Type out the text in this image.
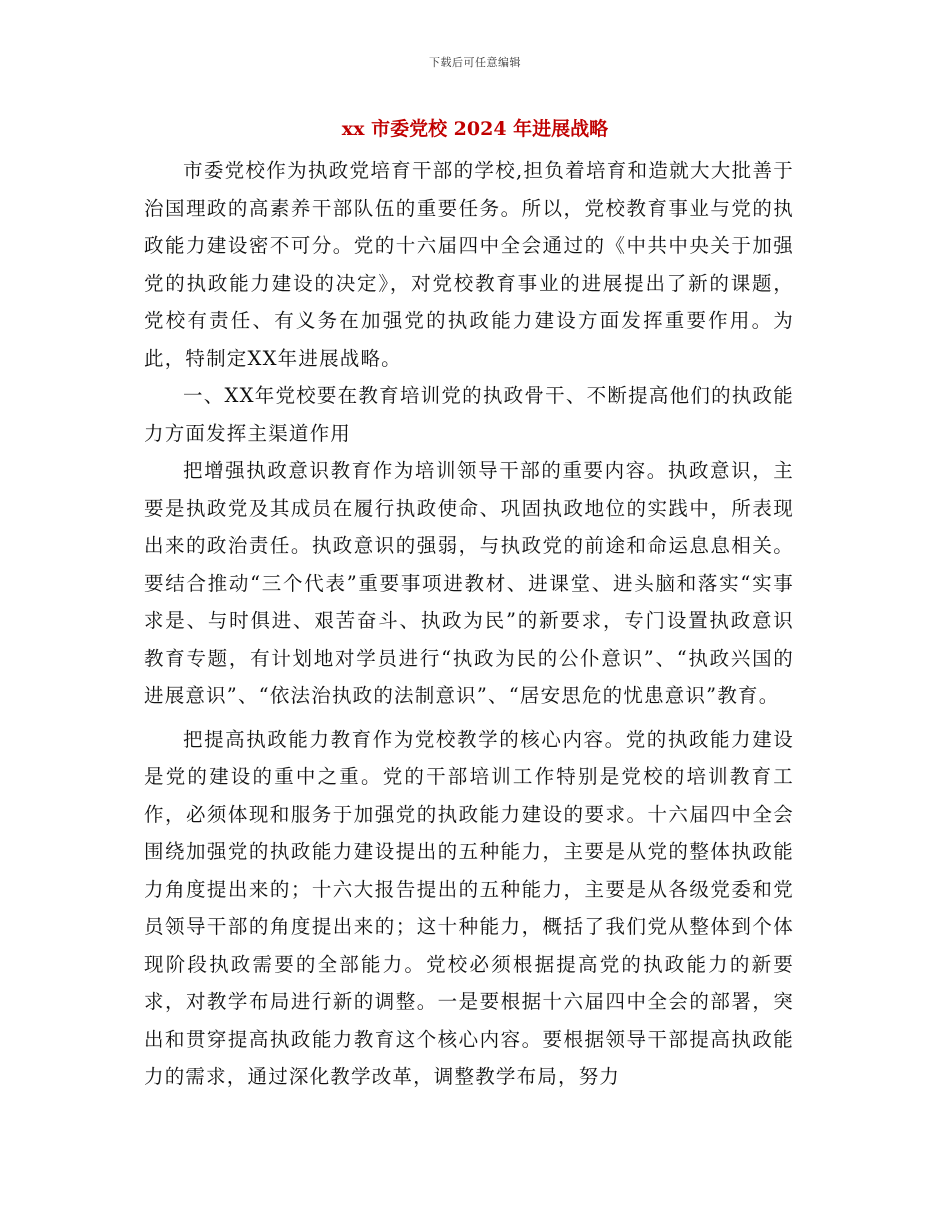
下载后可任意编辑
xx 市委党校 2024 年进展战略

市委党校作为执政党培育干部的学校,担负着培育和造就大大批善于治国理政的高素养干部队伍的重要任务。所以，党校教育事业与党的执政能力建设密不可分。党的十六届四中全会通过的《中共中央关于加强党的执政能力建设的决定》，对党校教育事业的进展提出了新的课题，党校有责任、有义务在加强党的执政能力建设方面发挥重要作用。为此，特制定XX年进展战略。

一、XX年党校要在教育培训党的执政骨干、不断提高他们的执政能力方面发挥主渠道作用

把增强执政意识教育作为培训领导干部的重要内容。执政意识，主要是执政党及其成员在履行执政使命、巩固执政地位的实践中，所表现出来的政治责任。执政意识的强弱，与执政党的前途和命运息息相关。要结合推动“三个代表”重要事项进教材、进课堂、进头脑和落实“实事求是、与时俱进、艰苦奋斗、执政为民”的新要求，专门设置执政意识教育专题，有计划地对学员进行“执政为民的公仆意识”、“执政兴国的进展意识”、“依法治执政的法制意识”、“居安思危的忧患意识”教育。

把提高执政能力教育作为党校教学的核心内容。党的执政能力建设是党的建设的重中之重。党的干部培训工作特别是党校的培训教育工作，必须体现和服务于加强党的执政能力建设的要求。十六届四中全会围绕加强党的执政能力建设提出的五种能力，主要是从党的整体执政能力角度提出来的；十六大报告提出的五种能力，主要是从各级党委和党员领导干部的角度提出来的；这十种能力，概括了我们党从整体到个体现阶段执政需要的全部能力。党校必须根据提高党的执政能力的新要求，对教学布局进行新的调整。一是要根据十六届四中全会的部署，突出和贯穿提高执政能力教育这个核心内容。要根据领导干部提高执政能力的需求，通过深化教学改革，调整教学布局，努力
